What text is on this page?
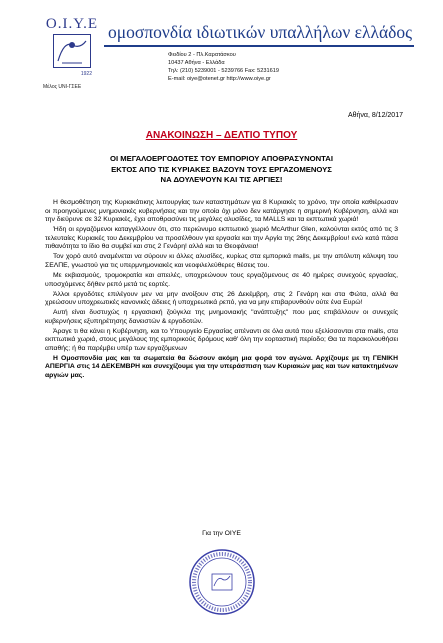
O.I.Y.E
1922
ομοσπονδία ιδιωτικών υπαλλήλων ελλάδος
Φειδίου 2 - Πλ.Καρατάσκου
10437 Αθήνα - Ελλάδα
Τηλ: (210) 5239001 - 5239766 Fax: 5231619
E-mail: oiye@otenet.gr http://www.oiye.gr
Μέλος UNI-ΓΣΕΕ
Αθήνα, 8/12/2017
ΑΝΑΚΟΙΝΩΣΗ – ΔΕΛΤΙΟ ΤΥΠΟΥ
ΟΙ ΜΕΓΑΛΟΕΡΓΟΔΟΤΕΣ ΤΟΥ ΕΜΠΟΡΙΟΥ ΑΠΟΘΡΑΣΥΝΟΝΤΑΙ
ΕΚΤΟΣ ΑΠΟ ΤΙΣ ΚΥΡΙΑΚΕΣ ΒΑΖΟΥΝ ΤΟΥΣ ΕΡΓΑΖΟΜΕΝΟΥΣ
ΝΑ ΔΟΥΛΕΨΟΥΝ ΚΑΙ ΤΙΣ ΑΡΓΙΕΣ!

Η θεσμοθέτηση της Κυριακάτικης λειτουργίας των καταστημάτων για 8 Κυριακές το χρόνο, την οποία καθιέρωσαν οι προηγούμενες μνημονιακές κυβερνήσεις και την οποία όχι μόνο δεν κατάργησε η σημερινή Κυβέρνηση, αλλά και την διεύρυνε σε 32 Κυριακές, έχει αποθρασύνει τις μεγάλες αλυσίδες, τα MALLS και τα εκπτωτικά χωριά!

Ήδη οι εργαζόμενοι καταγγέλλουν ότι, στο περιώνυμο εκπτωτικό χωριό McArthur Glen, καλούνται εκτός από τις 3 τελευταίες Κυριακές του Δεκεμβρίου να προσέλθουν για εργασία και την Αργία της 26ης Δεκεμβρίου! ενώ κατά πάσα πιθανότητα το ίδιο θα συμβεί και στις 2 Γενάρη! αλλά και τα Θεοφάνεια!

Τον χορό αυτό αναμένεται να σύρουν κι άλλες αλυσίδες, κυρίως στα εμπορικά malls, με την απόλυτη κάλυψη του ΣΕΛΠΕ, γνωστού για τις υπερμνημονιακές και νεοφιλελεύθερες θέσεις του.

Με εκβιασμούς, τρομοκρατία και απειλές, υποχρεώνουν τους εργαζόμενους σε 40 ημέρες συνεχούς εργασίας, υποσχόμενες δήθεν ρεπό μετά τις εορτές.

Άλλοι εργοδότες επιλέγουν μεν να μην ανοίξουν στις 26 Δεκέμβρη, στις 2 Γενάρη και στα Φώτα, αλλά θα χρεώσουν υποχρεωτικές κανονικές άδειες ή υποχρεωτικά ρεπό, για να μην επιβαρυνθούν ούτε ένα Ευρώ!

Αυτή είναι δυστυχώς η εργασιακή ζούγκλα της μνημονιακής "ανάπτυξης" που μας επιβάλλουν οι συνεχείς κυβερνήσεις εξυπηρέτησης δανειστών & εργοδοτών.

Άραγε τι θα κάνει η Κυβέρνηση, και το Υπουργείο Εργασίας απέναντι σε όλα αυτά που εξελίσσονται στα malls, στα εκπτωτικά χωριά, στους μεγάλους της εμπορικούς δρόμους καθ' όλη την εορταστική περίοδο; Θα τα παρακολουθήσει απαθής; ή θα παρέμβει υπέρ των εργαζόμενων

Η Ομοσπονδία μας και τα σωματεία θα δώσουν ακόμη μια φορά τον αγώνα. Αρχίζουμε με τη ΓΕΝΙΚΗ ΑΠΕΡΓΙΑ στις 14 ΔΕΚΕΜΒΡΗ και συνεχίζουμε για την υπεράσπιση των Κυριακών μας και των κατακτημένων αργιών μας.

Για την ΟΙΥΕ
